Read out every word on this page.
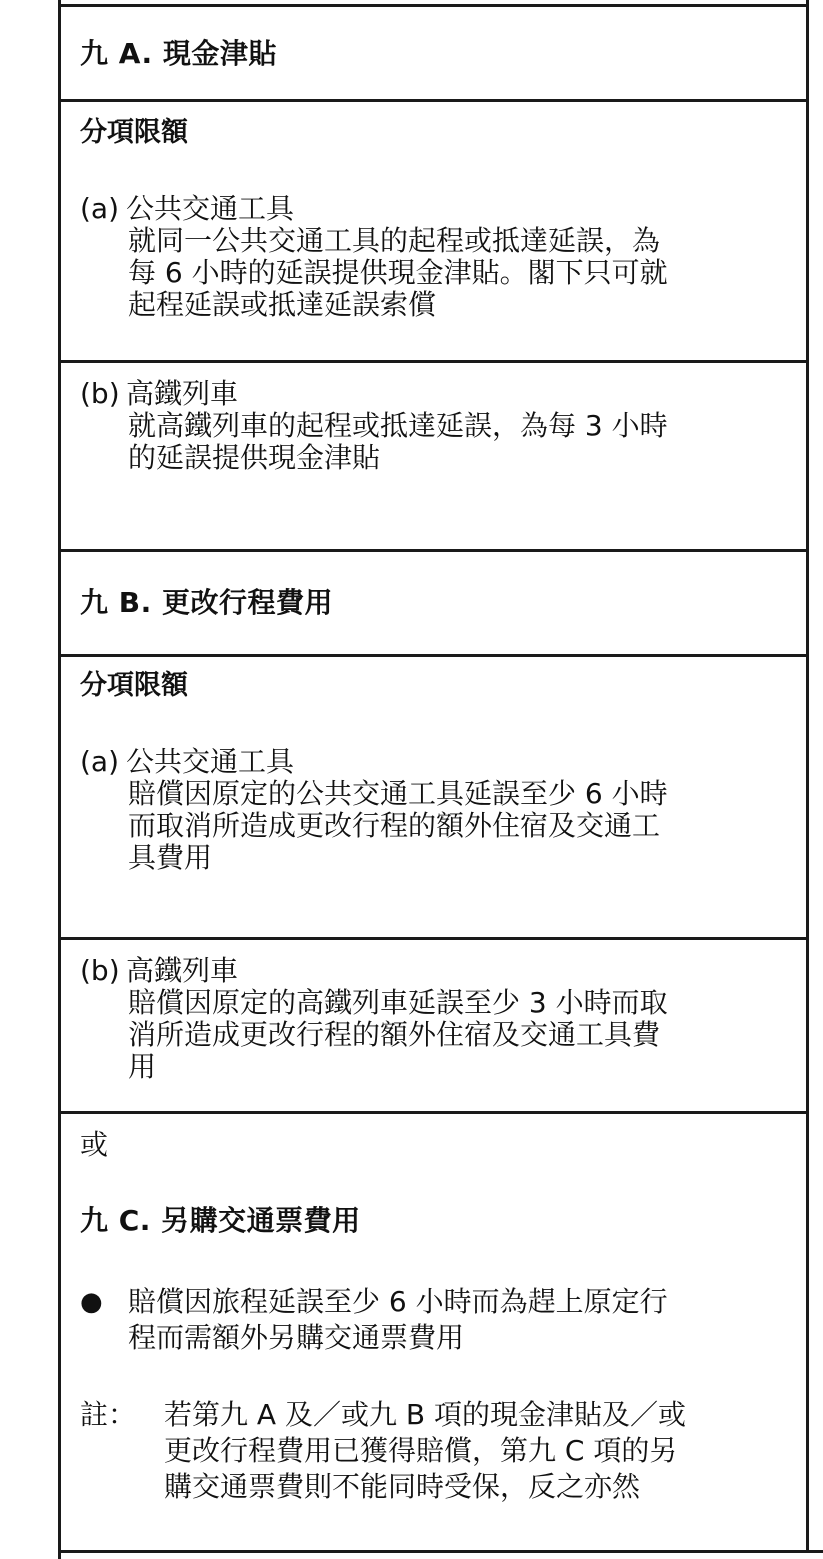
九 A. 現金津貼
分項限額
(a) 公共交通工具
就同一公共交通工具的起程或抵達延誤，為
每 6 小時的延誤提供現金津貼。閣下只可就
起程延誤或抵達延誤索償
(b) 高鐵列車
就高鐵列車的起程或抵達延誤，為每 3 小時
的延誤提供現金津貼
九 B. 更改行程費用
分項限額
(a) 公共交通工具
賠償因原定的公共交通工具延誤至少 6 小時
而取消所造成更改行程的額外住宿及交通工
具費用
(b) 高鐵列車
賠償因原定的高鐵列車延誤至少 3 小時而取
消所造成更改行程的額外住宿及交通工具費
用
或
九 C. 另購交通票費用
● 賠償因旅程延誤至少 6 小時而為趕上原定行
程而需額外另購交通票費用
註： 若第九 A 及／或九 B 項的現金津貼及／或
更改行程費用已獲得賠償，第九 C 項的另
購交通票費則不能同時受保，反之亦然
